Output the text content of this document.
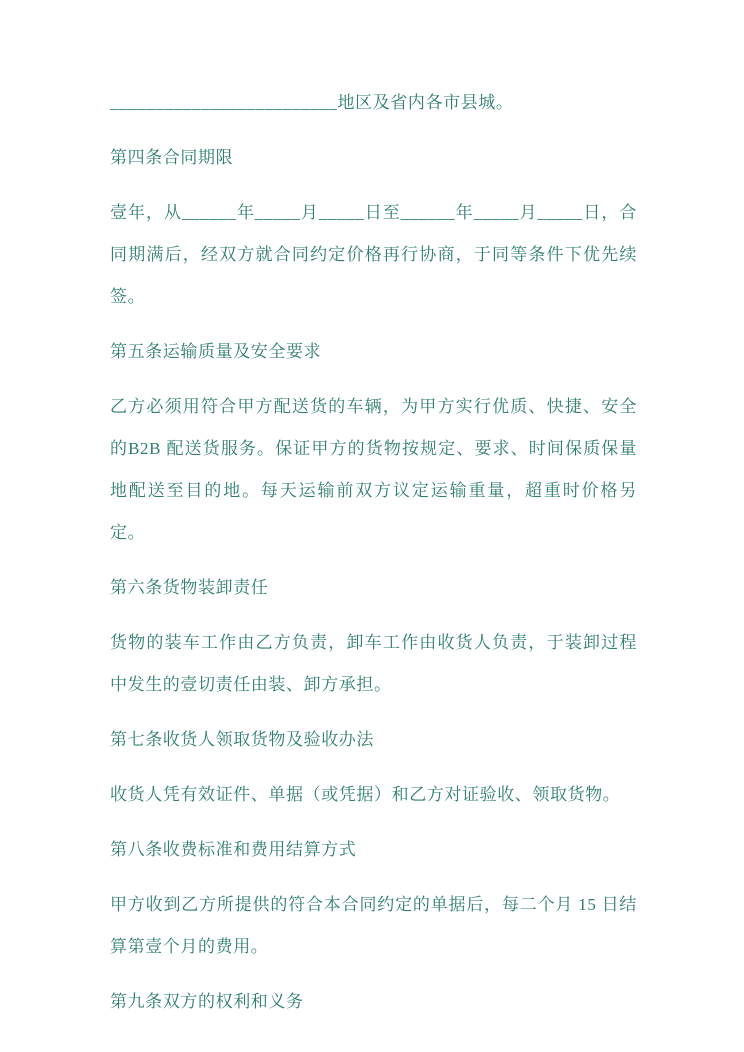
_________________________地区及省内各市县城。

第四条合同期限

壹年，从______年_____月_____日至______年_____月_____日，合同期满后，经双方就合同约定价格再行协商，于同等条件下优先续签。

第五条运输质量及安全要求

乙方必须用符合甲方配送货的车辆，为甲方实行优质、快捷、安全的B2B 配送货服务。保证甲方的货物按规定、要求、时间保质保量地配送至目的地。每天运输前双方议定运输重量，超重时价格另定。

第六条货物装卸责任

货物的装车工作由乙方负责，卸车工作由收货人负责，于装卸过程中发生的壹切责任由装、卸方承担。

第七条收货人领取货物及验收办法

收货人凭有效证件、单据（或凭据）和乙方对证验收、领取货物。

第八条收费标准和费用结算方式

甲方收到乙方所提供的符合本合同约定的单据后，每二个月 15 日结算第壹个月的费用。

第九条双方的权利和义务
